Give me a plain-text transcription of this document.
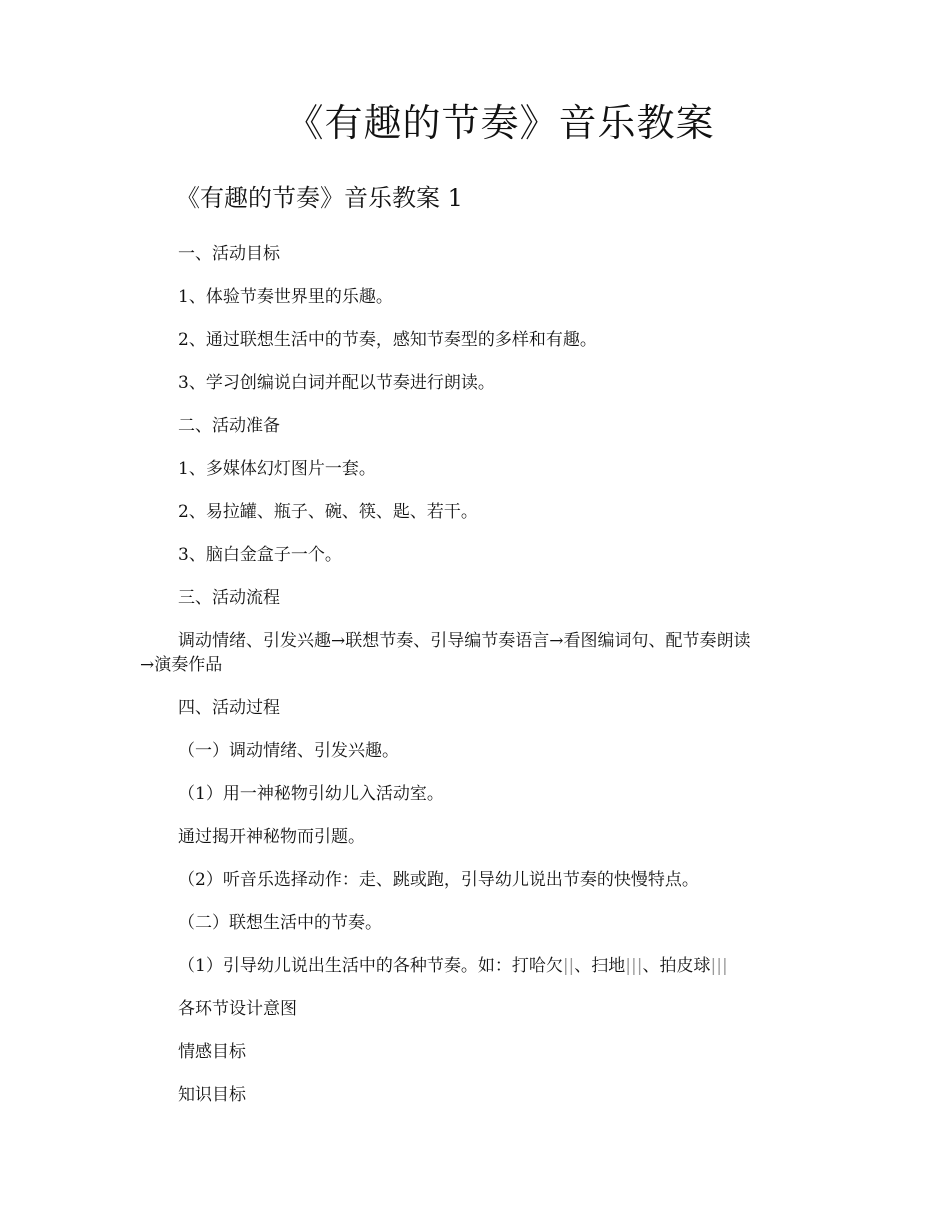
《有趣的节奏》音乐教案
《有趣的节奏》音乐教案 1

一、活动目标

1、体验节奏世界里的乐趣。

2、通过联想生活中的节奏，感知节奏型的多样和有趣。

3、学习创编说白词并配以节奏进行朗读。

二、活动准备

1、多媒体幻灯图片一套。

2、易拉罐、瓶子、碗、筷、匙、若干。

3、脑白金盒子一个。

三、活动流程

调动情绪、引发兴趣→联想节奏、引导编节奏语言→看图编词句、配节奏朗读
→演奏作品

四、活动过程

（一）调动情绪、引发兴趣。

（1）用一神秘物引幼儿入活动室。

通过揭开神秘物而引题。

（2）听音乐选择动作：走、跳或跑，引导幼儿说出节奏的快慢特点。

（二）联想生活中的节奏。

（1）引导幼儿说出生活中的各种节奏。如：打哈欠||、扫地|||、拍皮球|||

各环节设计意图

情感目标

知识目标
